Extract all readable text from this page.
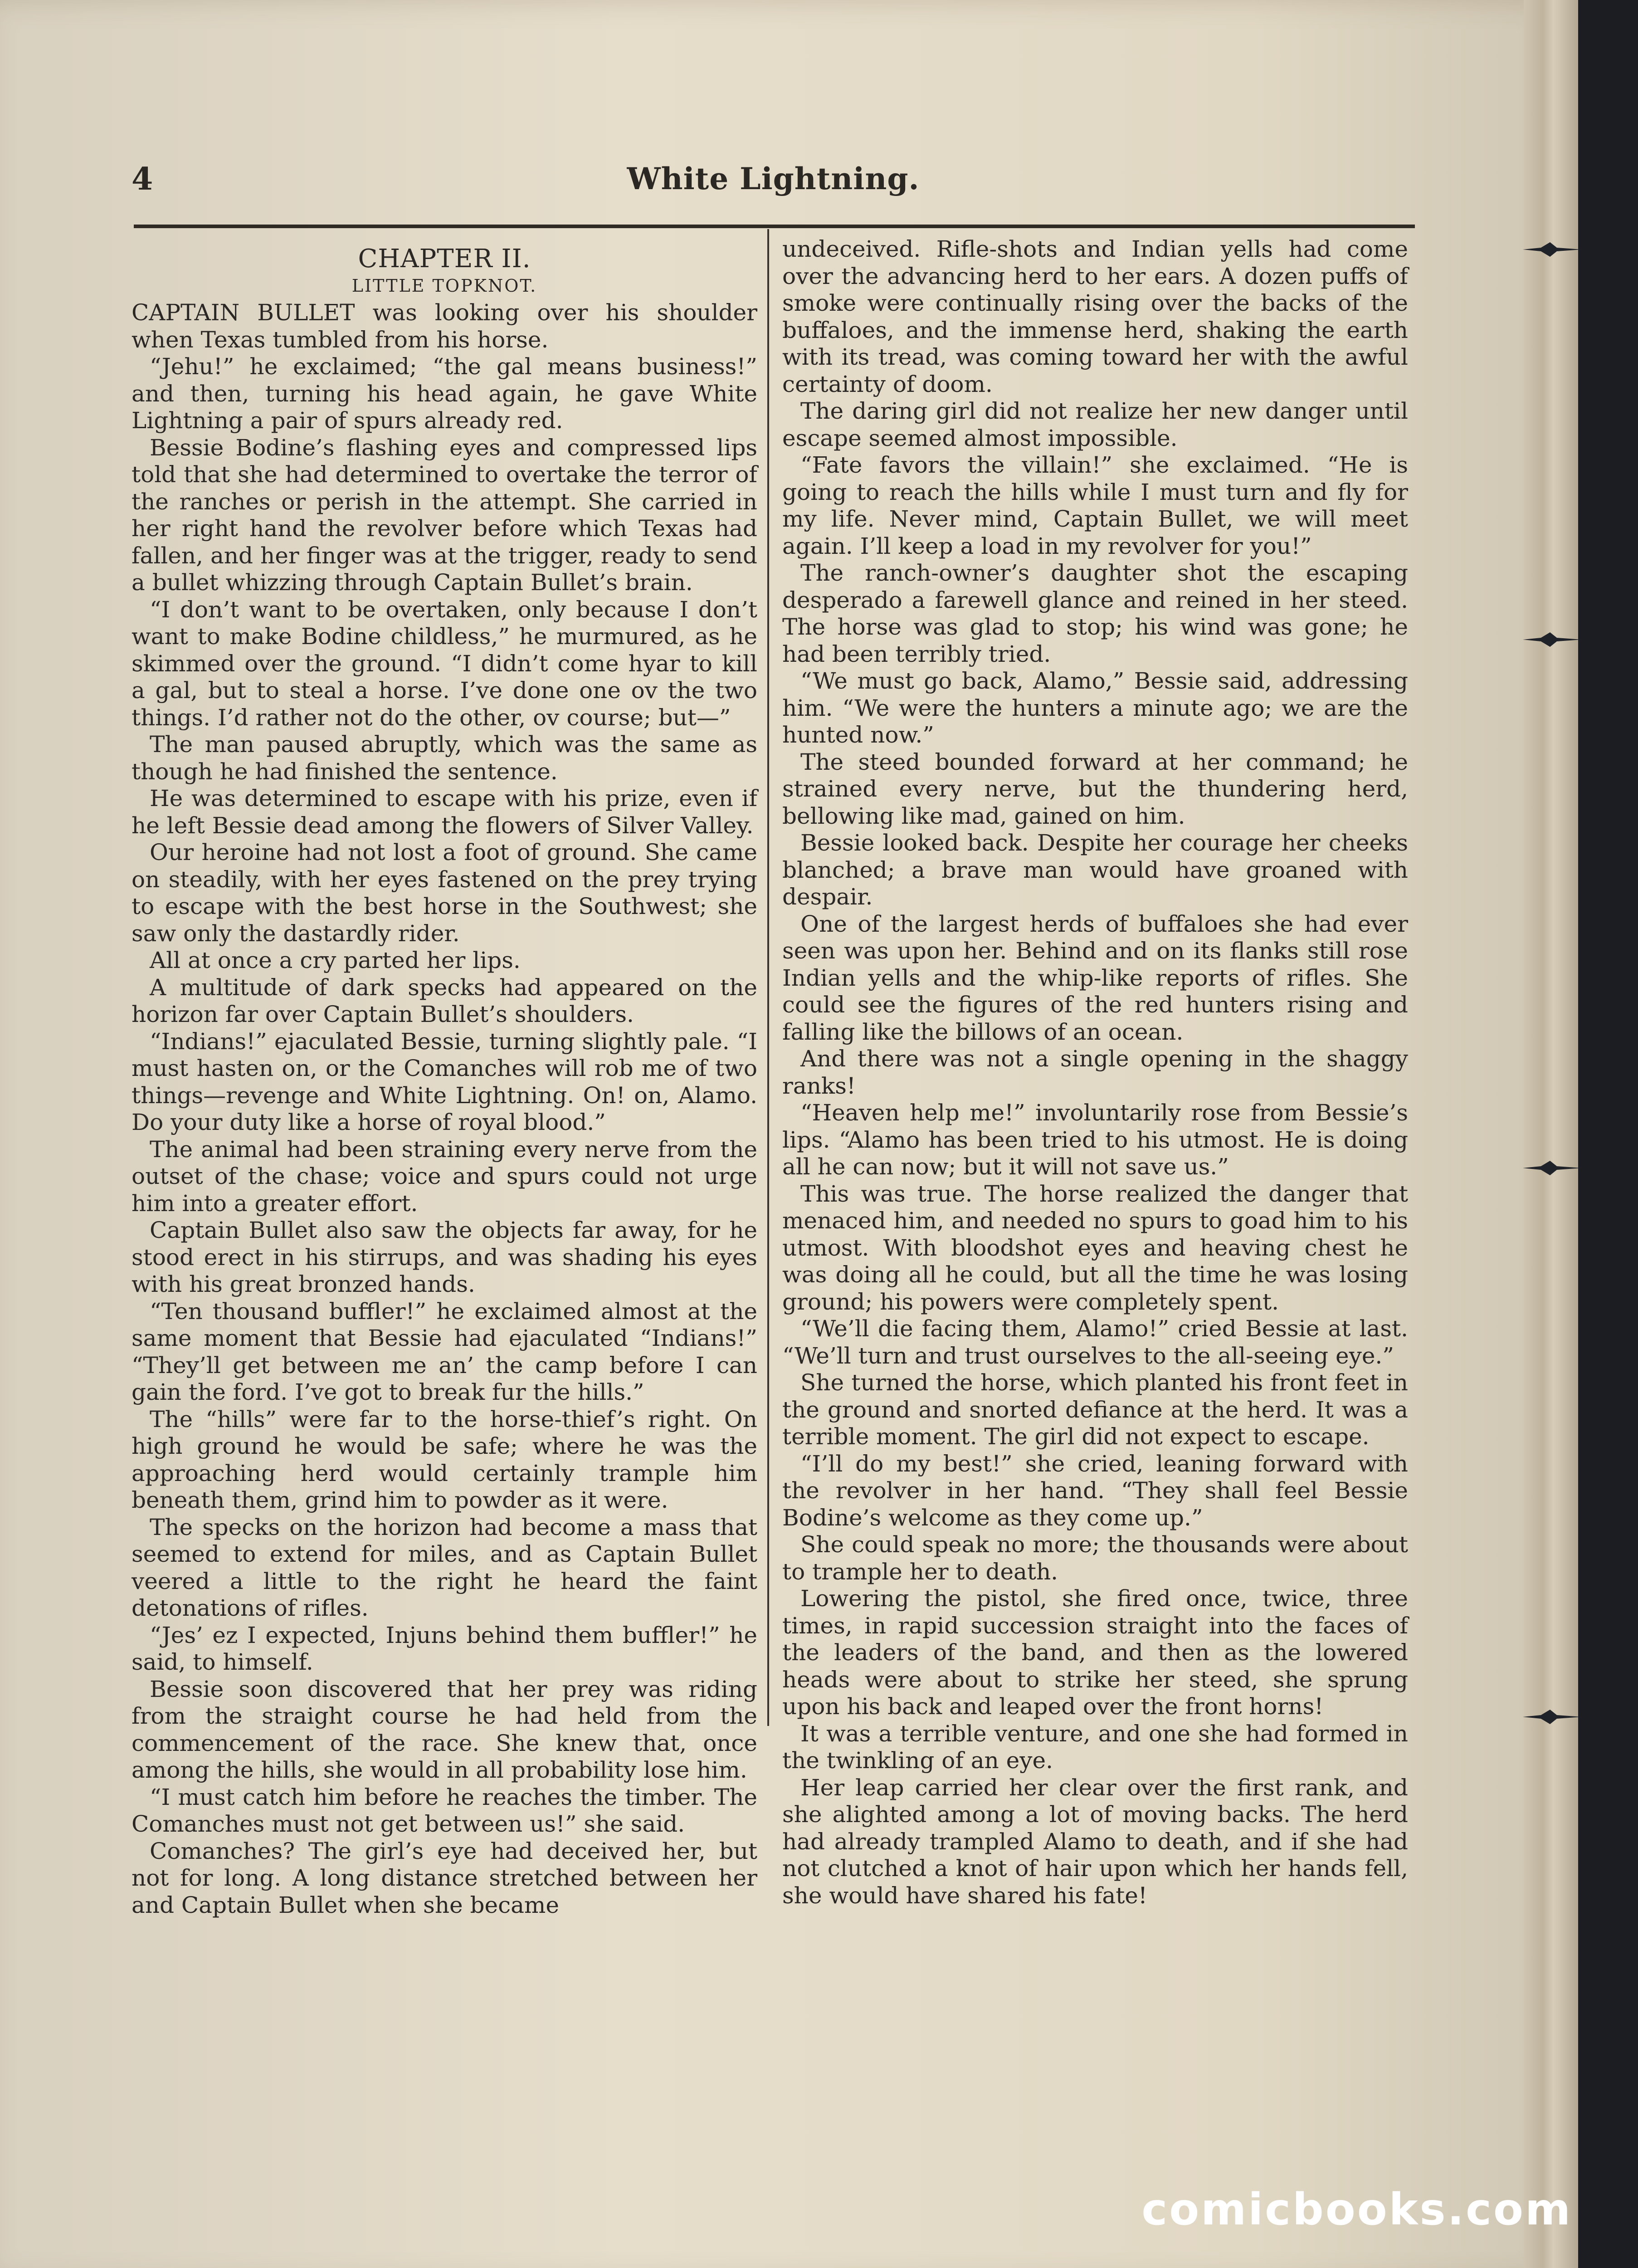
4	White Lightning.
CHAPTER II.
LITTLE TOPKNOT.

CAPTAIN BULLET was looking over his shoulder when Texas tumbled from his horse.

“Jehu!” he exclaimed; “the gal means business!” and then, turning his head again, he gave White Lightning a pair of spurs already red.

Bessie Bodine’s flashing eyes and compressed lips told that she had determined to overtake the terror of the ranches or perish in the attempt. She carried in her right hand the revolver before which Texas had fallen, and her finger was at the trigger, ready to send a bullet whizzing through Captain Bullet’s brain.

“I don’t want to be overtaken, only because I don’t want to make Bodine childless,” he murmured, as he skimmed over the ground. “I didn’t come hyar to kill a gal, but to steal a horse. I’ve done one ov the two things. I’d rather not do the other, ov course; but—”

The man paused abruptly, which was the same as though he had finished the sentence.

He was determined to escape with his prize, even if he left Bessie dead among the flowers of Silver Valley.

Our heroine had not lost a foot of ground. She came on steadily, with her eyes fastened on the prey trying to escape with the best horse in the Southwest; she saw only the dastardly rider.

All at once a cry parted her lips.

A multitude of dark specks had appeared on the horizon far over Captain Bullet’s shoulders.

“Indians!” ejaculated Bessie, turning slightly pale. “I must hasten on, or the Comanches will rob me of two things—revenge and White Lightning. On! on, Alamo. Do your duty like a horse of royal blood.”

The animal had been straining every nerve from the outset of the chase; voice and spurs could not urge him into a greater effort.

Captain Bullet also saw the objects far away, for he stood erect in his stirrups, and was shading his eyes with his great bronzed hands.

“Ten thousand buffler!” he exclaimed almost at the same moment that Bessie had ejaculated “Indians!” “They’ll get between me an’ the camp before I can gain the ford. I’ve got to break fur the hills.”

The “hills” were far to the horse-thief’s right. On high ground he would be safe; where he was the approaching herd would certainly trample him beneath them, grind him to powder as it were.

The specks on the horizon had become a mass that seemed to extend for miles, and as Captain Bullet veered a little to the right he heard the faint detonations of rifles.

“Jes’ ez I expected, Injuns behind them buffler!” he said, to himself.

Bessie soon discovered that her prey was riding from the straight course he had held from the commencement of the race. She knew that, once among the hills, she would in all probability lose him.

“I must catch him before he reaches the timber. The Comanches must not get between us!” she said.

Comanches? The girl’s eye had deceived her, but not for long. A long distance stretched between her and Captain Bullet when she became

undeceived. Rifle-shots and Indian yells had come over the advancing herd to her ears. A dozen puffs of smoke were continually rising over the backs of the buffaloes, and the immense herd, shaking the earth with its tread, was coming toward her with the awful certainty of doom.

The daring girl did not realize her new danger until escape seemed almost impossible.

“Fate favors the villain!” she exclaimed. “He is going to reach the hills while I must turn and fly for my life. Never mind, Captain Bullet, we will meet again. I’ll keep a load in my revolver for you!”

The ranch-owner’s daughter shot the escaping desperado a farewell glance and reined in her steed. The horse was glad to stop; his wind was gone; he had been terribly tried.

“We must go back, Alamo,” Bessie said, addressing him. “We were the hunters a minute ago; we are the hunted now.”

The steed bounded forward at her command; he strained every nerve, but the thundering herd, bellowing like mad, gained on him.

Bessie looked back. Despite her courage her cheeks blanched; a brave man would have groaned with despair.

One of the largest herds of buffaloes she had ever seen was upon her. Behind and on its flanks still rose Indian yells and the whip-like reports of rifles. She could see the figures of the red hunters rising and falling like the billows of an ocean.

And there was not a single opening in the shaggy ranks!

“Heaven help me!” involuntarily rose from Bessie’s lips. “Alamo has been tried to his utmost. He is doing all he can now; but it will not save us.”

This was true. The horse realized the danger that menaced him, and needed no spurs to goad him to his utmost. With bloodshot eyes and heaving chest he was doing all he could, but all the time he was losing ground; his powers were completely spent.

“We’ll die facing them, Alamo!” cried Bessie at last. “We’ll turn and trust ourselves to the all-seeing eye.”

She turned the horse, which planted his front feet in the ground and snorted defiance at the herd. It was a terrible moment. The girl did not expect to escape.

“I’ll do my best!” she cried, leaning forward with the revolver in her hand. “They shall feel Bessie Bodine’s welcome as they come up.”

She could speak no more; the thousands were about to trample her to death.

Lowering the pistol, she fired once, twice, three times, in rapid succession straight into the faces of the leaders of the band, and then as the lowered heads were about to strike her steed, she sprung upon his back and leaped over the front horns!

It was a terrible venture, and one she had formed in the twinkling of an eye.

Her leap carried her clear over the first rank, and she alighted among a lot of moving backs. The herd had already trampled Alamo to death, and if she had not clutched a knot of hair upon which her hands fell, she would have shared his fate!

comicbooks.com
